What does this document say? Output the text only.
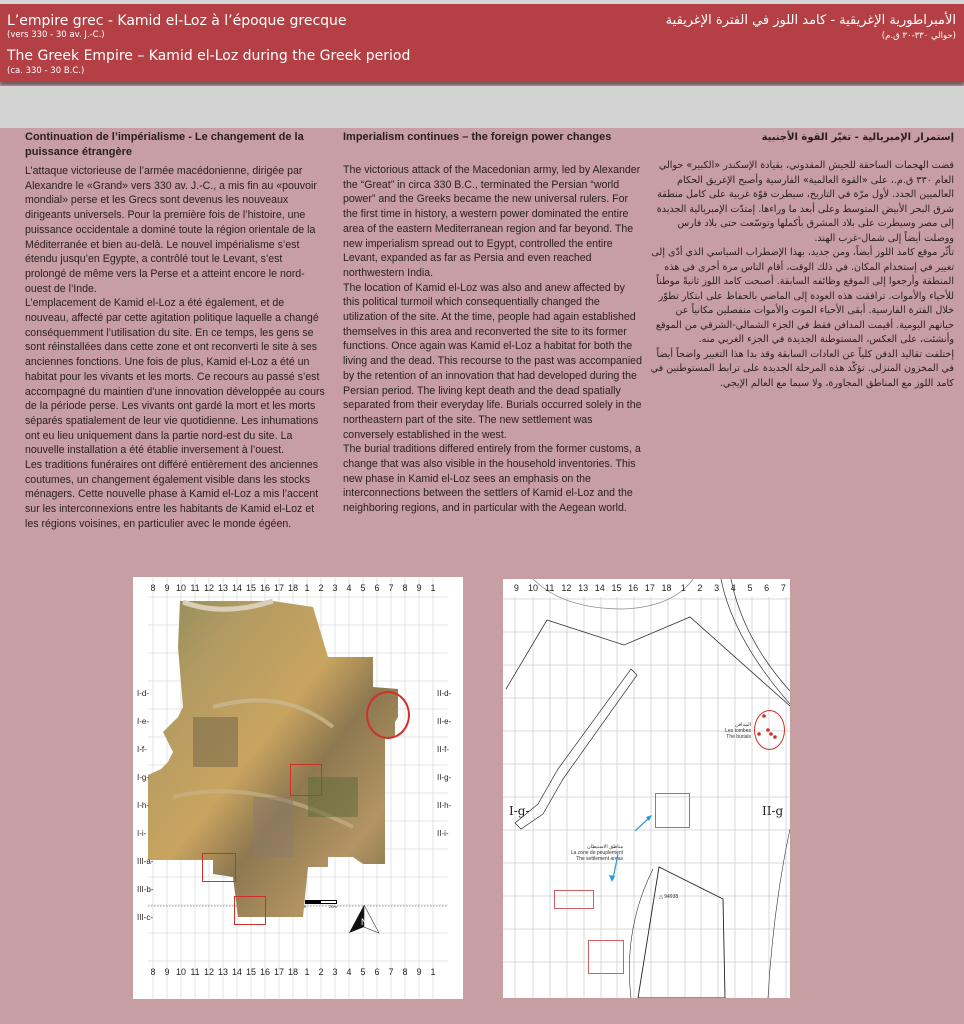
L’empire grec - Kamid el-Loz à l’époque grecque
(vers 330 - 30 av. J.-C.)
The Greek Empire – Kamid el-Loz during the Greek period
(ca. 330 - 30 B.C.)
الأمبراطورية الإغريقية - كامد اللوز في الفترة الإغريقية
(حوالي ٣٣٠-٣٠ ق.م)
Continuation de l’impérialisme - Le changement de la puissance étrangère

L’attaque victorieuse de l’armée macédonienne, dirigée par Alexandre le «Grand» vers 330 av. J.-C., a mis fin au «pouvoir mondial» perse et les Grecs sont devenus les nouveaux dirigeants universels. Pour la première fois de l’histoire, une puissance occidentale a dominé toute la région orientale de la Méditerranée et bien au-delà. Le nouvel impérialisme s’est étendu jusqu’en Egypte, a contrôlé tout le Levant, s’est prolongé de même vers la Perse et a atteint encore le nord-ouest de l’Inde.

L’emplacement de Kamid el-Loz a été également, et de nouveau, affecté par cette agitation politique laquelle a changé conséquemment l’utilisation du site. En ce temps, les gens se sont réinstallées dans cette zone et ont reconverti le site à ses anciennes fonctions. Une fois de plus, Kamid el-Loz a été un habitat pour les vivants et les morts. Ce recours au passé s’est accompagné du maintien d’une innovation développée au cours de la période perse. Les vivants ont gardé la mort et les morts séparés spatialement de leur vie quotidienne. Les inhumations ont eu lieu uniquement dans la partie nord-est du site. La nouvelle installation a été établie inversement à l’ouest.

Les traditions funéraires ont différé entièrement des anciennes coutumes, un changement également visible dans les stocks ménagers. Cette nouvelle phase à Kamid el-Loz a mis l’accent sur les interconnexions entre les habitants de Kamid el-Loz et les régions voisines, en particulier avec le monde égéen.

Imperialism continues – the foreign power changes

The victorious attack of the Macedonian army, led by Alexander the “Great” in circa 330 B.C., terminated the Persian “world power” and the Greeks became the new universal rulers. For the first time in history, a western power dominated the entire area of the eastern Mediterranean region and far beyond. The new imperialism spread out to Egypt, controlled the entire Levant, expanded as far as Persia and even reached northwestern India.

The location of Kamid el-Loz was also and anew affected by this political turmoil which consequentially changed the utilization of the site. At the time, people had again established themselves in this area and reconverted the site to its former functions. Once again was Kamid el-Loz a habitat for both the living and the dead. This recourse to the past was accompanied by the retention of an innovation that had developed during the Persian period. The living kept death and the dead spatially separated from their everyday life. Burials occurred solely in the northeastern part of the site. The new settlement was conversely established in the west.

The burial traditions differed entirely from the former customs, a change that was also visible in the household inventories. This new phase in Kamid el-Loz sees an emphasis on the interconnections between the settlers of Kamid el-Loz and the neighboring regions, and in particular with the Aegean world.

إستمرار الإمبريالية - تغيّر القوة الأجنبية

قضت الهجمات الساحقة للجيش المقدوني، بقيادة الإسكندر «الكبير» حوالي العام ٣٣٠ ق.م.، على «القوة العالمية» الفارسية وأصبح الإغريق الحكام العالميين الجدد. لأول مرّة في التاريخ، سيطرت قوّة غربية على كامل منطقة شرق البحر الأبيض المتوسط وعلى أبعد ما وراءها. إمتدّت الإمبريالية الجديدة إلى مصر وسيطرت على بلاد المشرق بأكملها وتوسّعت حتى بلاد فارس ووصلت أيضاً إلى شمال-غرب الهند.

تأثّر موقع كامد اللوز أيضاً، ومن جديد، بهذا الإضطراب السياسي الذي أدّى إلى تغيير في إستخدام المكان. في ذلك الوقت، أقام الناس مرة أخرى في هذه المنطقة وأرجعوا إلى الموقع وظائفه السابقة. أصبحت كامد اللوز ثانيةً موطناً للأحياء والأموات. ترافقت هذه العودة إلى الماضي بالحفاظ على ابتكار تطوّر خلال الفترة الفارسية. أبقى الأحياء الموت والأموات منفصلين مكانياً عن حياتهم اليومية. أقيمت المدافن فقط في الجزء الشمالي-الشرقي من الموقع وأنشئت، على العكس، المستوطنة الجديدة في الجزء الغربي منه.

إختلفت تقاليد الدفن كلياً عن العادات السابقة وقد بدا هذا التغيير واضحاً أيضاً في المخزون المنزلي. تؤكّد هذه المرحلة الجديدة على ترابط المستوطنين في كامد اللوز مع المناطق المجاورة، ولا سيما مع العالم الإيجي.

8 9 10 11 12 13 14 15 16 17 18 1 2 3 4 5 6 7 8 9 1
8 9 10 11 12 13 14 15 16 17 18 1 2 3 4 5 6 7 8 9 1
I-d-
I-e-
I-f-
I-g-
I-h-
I-i-
III-a-
III-b-
III-c-
II-d-
II-e-
II-f-
II-g-
II-h-
II-i-
0	20m
N
9	10 11 12 13 14 15 16 17 18	1	2	3	4	5	6	7
المدافن
Les tombes
The burials
مناطق الاستيطان
La zone de peuplement
The settlement areas
△ 94938
I-g-	II-g
